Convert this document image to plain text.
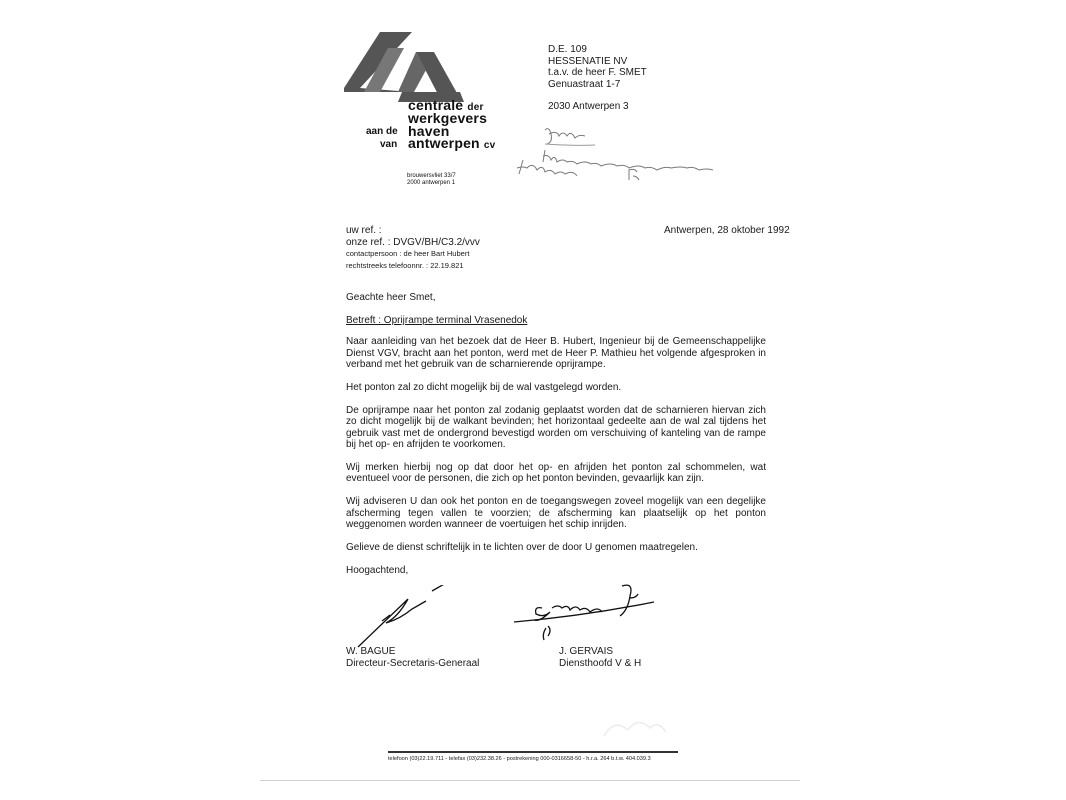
centrale der
werkgevers
aan de haven
van antwerpen cv
brouwersvliet 33/7
2000 antwerpen 1
D.E. 109
HESSENATIE NV
t.a.v. de heer F. SMET
Genuastraat 1-7
2030 Antwerpen 3
uw ref. :
onze ref. : DVGV/BH/C3.2/vvv
contactpersoon : de heer Bart Hubert
rechtstreeks telefoonnr. : 22.19.821
Antwerpen, 28 oktober 1992

Geachte heer Smet,

Betreft : Oprijrampe terminal Vrasenedok

Naar aanleiding van het bezoek dat de Heer B. Hubert, Ingenieur bij de Gemeenschappelijke Dienst VGV, bracht aan het ponton, werd met de Heer P. Mathieu het volgende afgesproken in verband met het gebruik van de scharnierende oprijrampe.

Het ponton zal zo dicht mogelijk bij de wal vastgelegd worden.

De oprijrampe naar het ponton zal zodanig geplaatst worden dat de scharnieren hiervan zich zo dicht mogelijk bij de walkant bevinden; het horizontaal gedeelte aan de wal zal tijdens het gebruik vast met de ondergrond bevestigd worden om verschuiving of kanteling van de rampe bij het op- en afrijden te voorkomen.

Wij merken hierbij nog op dat door het op- en afrijden het ponton zal schommelen, wat eventueel voor de personen, die zich op het ponton bevinden, gevaarlijk kan zijn.

Wij adviseren U dan ook het ponton en de toegangswegen zoveel mogelijk van een degelijke afscherming tegen vallen te voorzien; de afscherming kan plaatselijk op het ponton weggenomen worden wanneer de voertuigen het schip inrijden.

Gelieve de dienst schriftelijk in te lichten over de door U genomen maatregelen.

Hoogachtend,

W. BAGUE
Directeur-Secretaris-Generaal
J. GERVAIS
Diensthoofd V & H
telefoon (03)22.19.711 - telefax (03)232.38.26 - postrekening 000-0316658-50 - h.r.a. 264 b.t.w. 404.039.3
